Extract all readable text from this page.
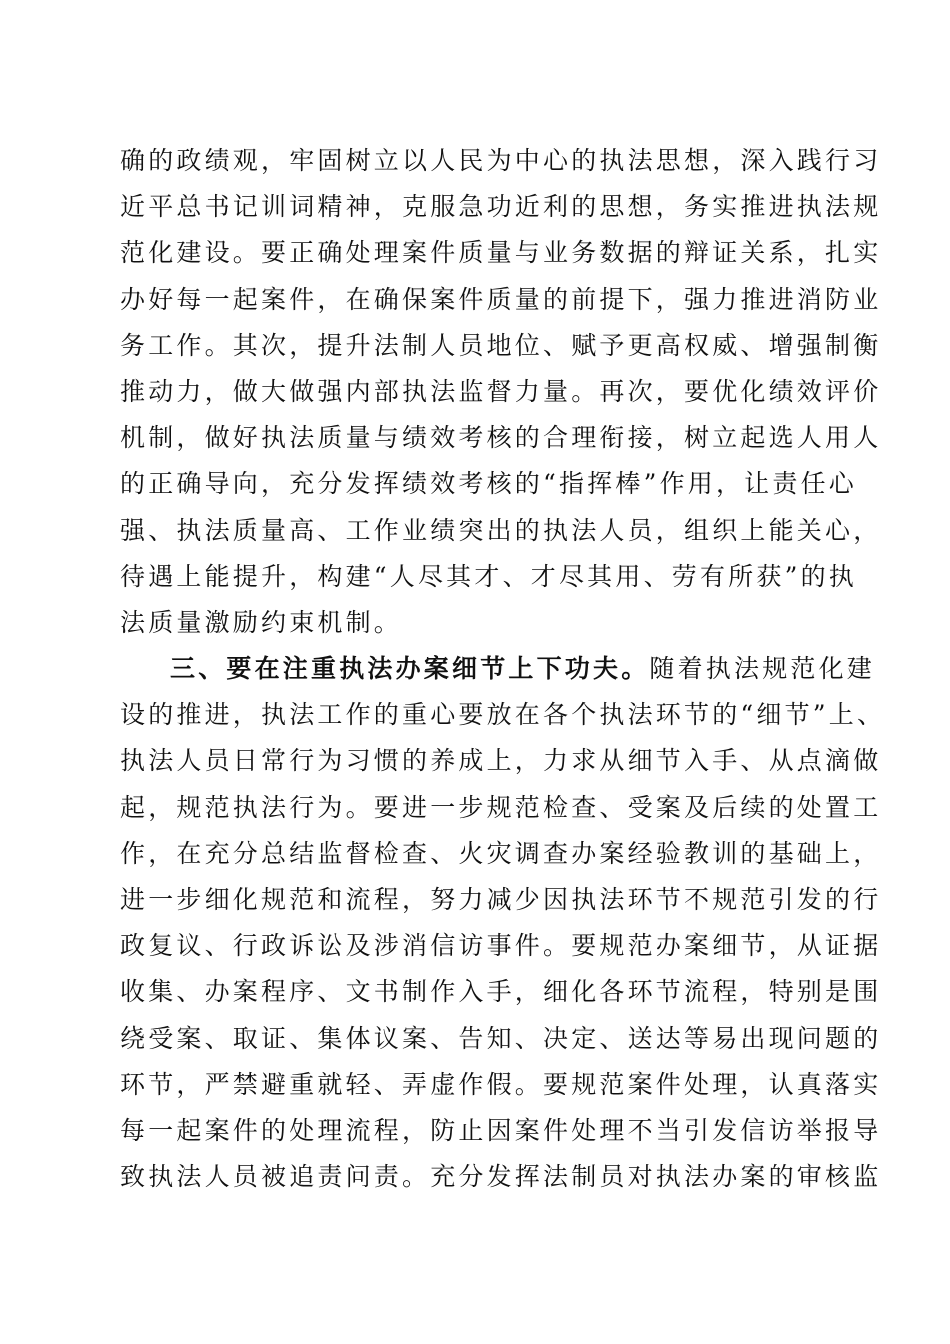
确的政绩观，牢固树立以人民为中心的执法思想，深入践行习
近平总书记训词精神，克服急功近利的思想，务实推进执法规
范化建设。要正确处理案件质量与业务数据的辩证关系，扎实
办好每一起案件，在确保案件质量的前提下，强力推进消防业
务工作。其次，提升法制人员地位、赋予更高权威、增强制衡
推动力，做大做强内部执法监督力量。再次，要优化绩效评价
机制，做好执法质量与绩效考核的合理衔接，树立起选人用人
的正确导向，充分发挥绩效考核的“指挥棒”作用，让责任心
强、执法质量高、工作业绩突出的执法人员，组织上能关心，
待遇上能提升，构建“人尽其才、才尽其用、劳有所获”的执
法质量激励约束机制。
三、要在注重执法办案细节上下功夫。随着执法规范化建
设的推进，执法工作的重心要放在各个执法环节的“细节”上、
执法人员日常行为习惯的养成上，力求从细节入手、从点滴做
起，规范执法行为。要进一步规范检查、受案及后续的处置工
作，在充分总结监督检查、火灾调查办案经验教训的基础上，
进一步细化规范和流程，努力减少因执法环节不规范引发的行
政复议、行政诉讼及涉消信访事件。要规范办案细节，从证据
收集、办案程序、文书制作入手，细化各环节流程，特别是围
绕受案、取证、集体议案、告知、决定、送达等易出现问题的
环节，严禁避重就轻、弄虚作假。要规范案件处理，认真落实
每一起案件的处理流程，防止因案件处理不当引发信访举报导
致执法人员被追责问责。充分发挥法制员对执法办案的审核监
